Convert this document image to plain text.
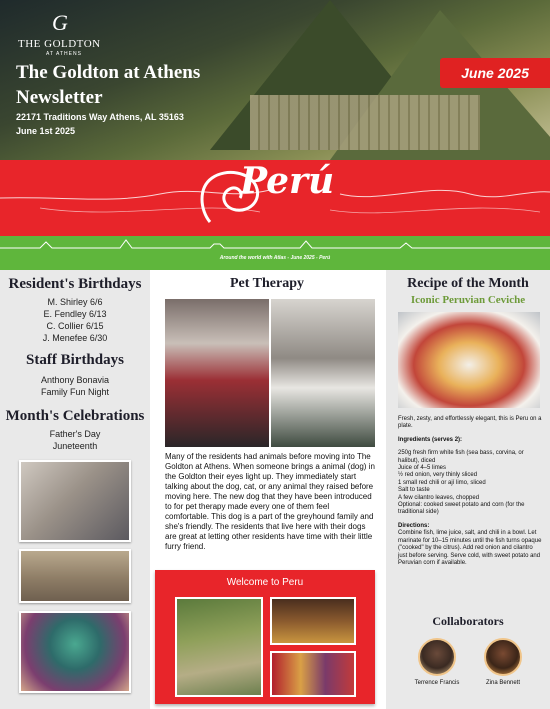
G
THE GOLDTON
AT ATHENS
The Goldton at Athens
Newsletter
22171 Traditions Way Athens, AL 35163
June 1st 2025
June 2025
Perú
Around the world with Atlas - June 2025 - Perú
Resident's Birthdays
M. Shirley 6/6
E. Fendley 6/13
C. Collier 6/15
J. Menefee 6/30
Staff Birthdays
Anthony Bonavia
Family Fun Night
Month's Celebrations
Father's Day
Juneteenth
Pet Therapy
Many of the residents had animals before moving into The Goldton at Athens. When someone brings a animal (dog) in the Goldton their eyes light up. They immediately start talking about the dog, cat, or any animal they raised before moving here. The new dog that they have been introduced to for pet therapy made every one of them feel comfortable. This dog is a part of the greyhound family and she's friendly. The residents that live here with their dogs are great at letting other residents have time with their little furry friend.
Welcome to Peru
Recipe of the Month
Iconic Peruvian Ceviche
Fresh, zesty, and effortlessly elegant, this is Peru on a plate.
Ingredients (serves 2):
250g fresh firm white fish (sea bass, corvina, or halibut), diced
Juice of 4–5 limes
½ red onion, very thinly sliced
1 small red chili or ají limo, sliced
Salt to taste
A few cilantro leaves, chopped
Optional: cooked sweet potato and corn (for the traditional side)
Directions:
Combine fish, lime juice, salt, and chili in a bowl. Let marinate for 10–15 minutes until the fish turns opaque ("cooked" by the citrus). Add red onion and cilantro just before serving. Serve cold, with sweet potato and Peruvian corn if available.
Collaborators
Terrence Francis	Zina Bennett
